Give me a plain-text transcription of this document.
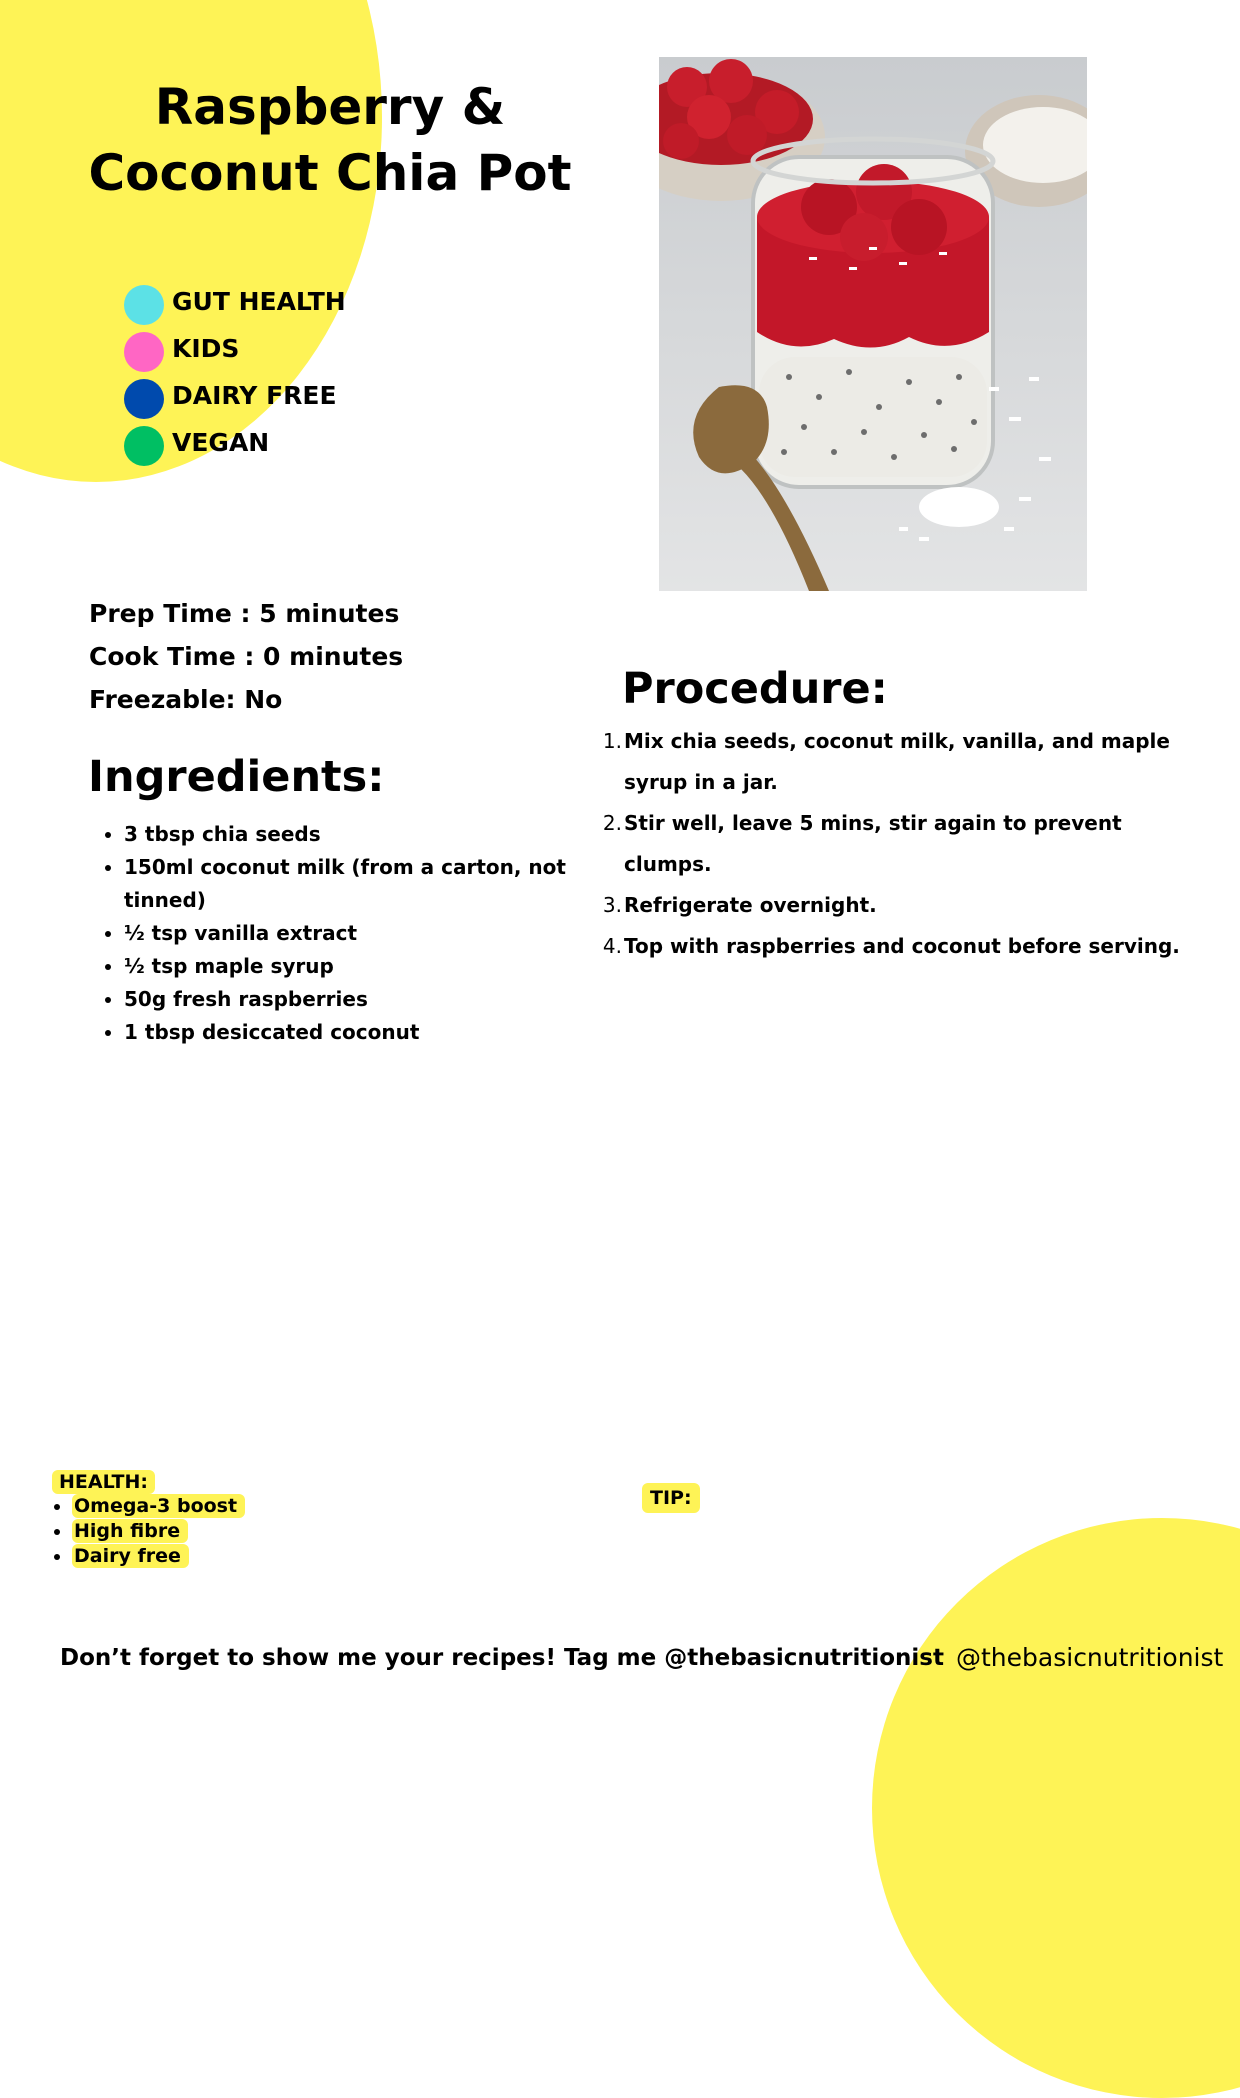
Raspberry &
Coconut Chia Pot
GUT HEALTH
KIDS
DAIRY FREE
VEGAN
Prep Time : 5 minutes
Cook Time : 0 minutes
Freezable: No
Ingredients:
• 3 tbsp chia seeds
• 150ml coconut milk (from a carton, not tinned)
• ½ tsp vanilla extract
• ½ tsp maple syrup
• 50g fresh raspberries
• 1 tbsp desiccated coconut
Procedure:
1. Mix chia seeds, coconut milk, vanilla, and maple syrup in a jar.
2. Stir well, leave 5 mins, stir again to prevent clumps.
3. Refrigerate overnight.
4. Top with raspberries and coconut before serving.
HEALTH:
• Omega-3 boost
• High fibre
• Dairy free
TIP:
Don’t forget to show me your recipes! Tag me @thebasicnutritionist @thebasicnutritionist
